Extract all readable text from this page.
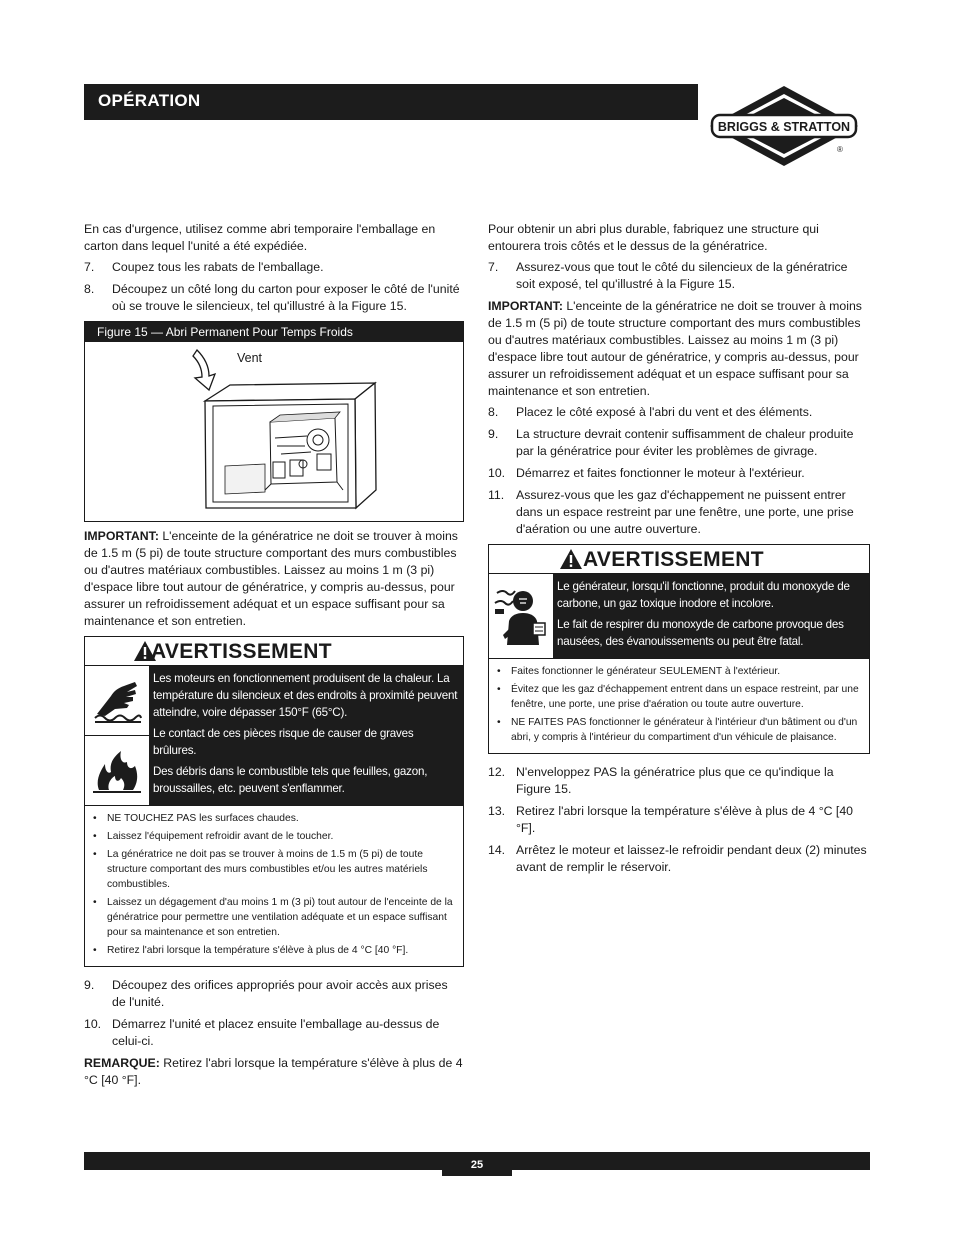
OPÉRATION
BRIGGS & STRATTON
®

En cas d'urgence, utilisez comme abri temporaire l'emballage en carton dans lequel l'unité a été expédiée.

7.	Coupez tous les rabats de l'emballage.
8.	Découpez un côté long du carton pour exposer le côté de l'unité où se trouve le silencieux, tel qu'illustré à la Figure 15.
Figure 15 — Abri Permanent Pour Temps Froids
Vent

IMPORTANT: L'enceinte de la génératrice ne doit se trouver à moins de 1.5 m (5 pi) de toute structure comportant des murs combustibles ou d'autres matériaux combustibles. Laissez au moins 1 m (3 pi) d'espace libre tout autour de génératrice, y compris au-dessus, pour assurer un refroidissement adéquat et un espace suffisant pour sa maintenance et son entretien.

AVERTISSEMENT

Les moteurs en fonctionnement produisent de la chaleur. La température du silencieux et des endroits à proximité peuvent atteindre, voire dépasser 150°F (65°C).

Le contact de ces pièces risque de causer de graves brûlures.

Des débris dans le combustible tels que feuilles, gazon, broussailles, etc. peuvent s'enflammer.

•	NE TOUCHEZ PAS les surfaces chaudes.
•	Laissez l'équipement refroidir avant de le toucher.
•	La génératrice ne doit pas se trouver à moins de 1.5 m (5 pi) de toute structure comportant des murs combustibles et/ou les autres matériels combustibles.
•	Laissez un dégagement d'au moins 1 m (3 pi) tout autour de l'enceinte de la génératrice pour permettre une ventilation adéquate et un espace suffisant pour sa maintenance et son entretien.
•	Retirez l'abri lorsque la température s'élève à plus de 4 °C [40 °F].
9.	Découpez des orifices appropriés pour avoir accès aux prises de l'unité.
10. Démarrez l'unité et placez ensuite l'emballage au-dessus de celui-ci.

REMARQUE: Retirez l'abri lorsque la température s'élève à plus de 4 °C [40 °F].

Pour obtenir un abri plus durable, fabriquez une structure qui entourera trois côtés et le dessus de la génératrice.

7.	Assurez-vous que tout le côté du silencieux de la génératrice soit exposé, tel qu'illustré à la Figure 15.

IMPORTANT: L'enceinte de la génératrice ne doit se trouver à moins de 1.5 m (5 pi) de toute structure comportant des murs combustibles ou d'autres matériaux combustibles. Laissez au moins 1 m (3 pi) d'espace libre tout autour de génératrice, y compris au-dessus, pour assurer un refroidissement adéquat et un espace suffisant pour sa maintenance et son entretien.

8.	Placez le côté exposé à l'abri du vent et des éléments.
9.	La structure devrait contenir suffisamment de chaleur produite par la génératrice pour éviter les problèmes de givrage.
10. Démarrez et faites fonctionner le moteur à l'extérieur.
11. Assurez-vous que les gaz d'échappement ne puissent entrer dans un espace restreint par une fenêtre, une porte, une prise d'aération ou une autre ouverture.
AVERTISSEMENT

Le générateur, lorsqu'il fonctionne, produit du monoxyde de carbone, un gaz toxique inodore et incolore.

Le fait de respirer du monoxyde de carbone provoque des nausées, des évanouissements ou peut être fatal.

•	Faites fonctionner le générateur SEULEMENT à l'extérieur.
•	Évitez que les gaz d'échappement entrent dans un espace restreint, par une fenêtre, une porte, une prise d'aération ou toute autre ouverture.
•	NE FAITES PAS fonctionner le générateur à l'intérieur d'un bâtiment ou d'un abri, y compris à l'intérieur du compartiment d'un véhicule de plaisance.
12. N'enveloppez PAS la génératrice plus que ce qu'indique la Figure 15.
13. Retirez l'abri lorsque la température s'élève à plus de 4 °C [40 °F].
14. Arrêtez le moteur et laissez-le refroidir pendant deux (2) minutes avant de remplir le réservoir.
25
